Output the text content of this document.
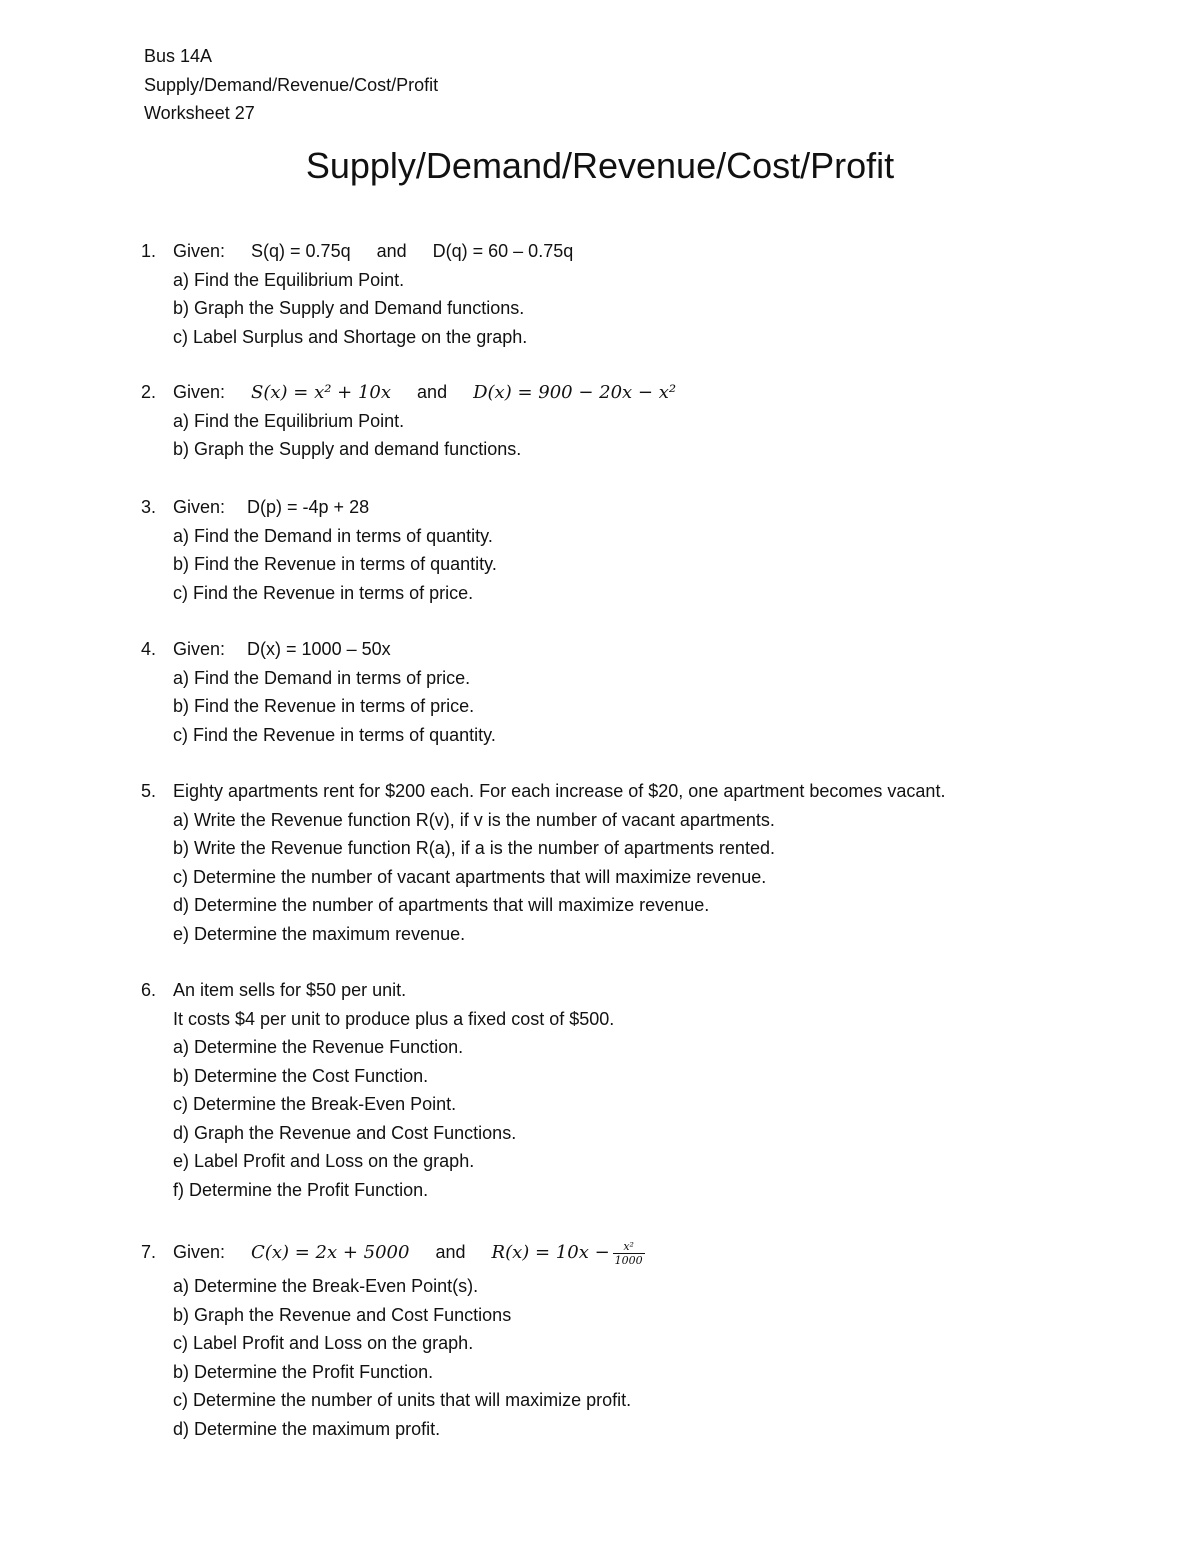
Bus 14A
Supply/Demand/Revenue/Cost/Profit
Worksheet 27
Supply/Demand/Revenue/Cost/Profit
1. Given: S(q) = 0.75q and D(q) = 60 – 0.75q
a) Find the Equilibrium Point.
b) Graph the Supply and Demand functions.
c) Label Surplus and Shortage on the graph.
2. Given: S(x) = x² + 10x and D(x) = 900 − 20x − x²
a) Find the Equilibrium Point.
b) Graph the Supply and demand functions.
3. Given: D(p) = -4p + 28
a) Find the Demand in terms of quantity.
b) Find the Revenue in terms of quantity.
c) Find the Revenue in terms of price.
4. Given: D(x) = 1000 – 50x
a) Find the Demand in terms of price.
b) Find the Revenue in terms of price.
c) Find the Revenue in terms of quantity.
5. Eighty apartments rent for $200 each. For each increase of $20, one apartment becomes vacant.
a) Write the Revenue function R(v), if v is the number of vacant apartments.
b) Write the Revenue function R(a), if a is the number of apartments rented.
c) Determine the number of vacant apartments that will maximize revenue.
d) Determine the number of apartments that will maximize revenue.
e) Determine the maximum revenue.
6. An item sells for $50 per unit.
It costs $4 per unit to produce plus a fixed cost of $500.
a) Determine the Revenue Function.
b) Determine the Cost Function.
c) Determine the Break-Even Point.
d) Graph the Revenue and Cost Functions.
e) Label Profit and Loss on the graph.
f) Determine the Profit Function.
7. Given: C(x) = 2x + 5000 and $R(x) = 10x - \frac{\text{x²}}{1000}$
a) Determine the Break-Even Point(s).
b) Graph the Revenue and Cost Functions
c) Label Profit and Loss on the graph.
b) Determine the Profit Function.
c) Determine the number of units that will maximize profit.
d) Determine the maximum profit.
